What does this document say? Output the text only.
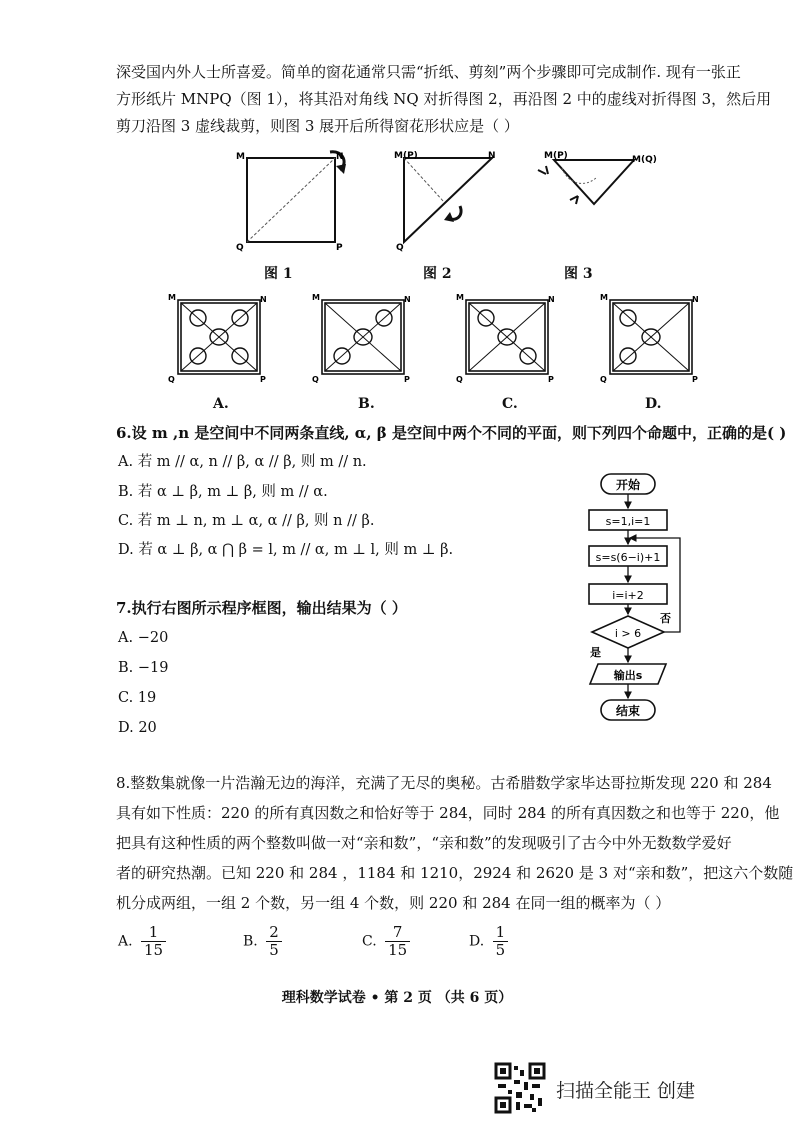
深受国内外人士所喜爱。简单的窗花通常只需“折纸、剪刻”两个步骤即可完成制作. 现有一张正
方形纸片 MNPQ（图 1），将其沿对角线 NQ 对折得图 2，再沿图 2 中的虚线对折得图 3，然后用
剪刀沿图 3 虚线裁剪，则图 3 展开后所得窗花形状应是（ ）
M	N
Q	P
图 1
M(P)	N
Q
图 2
M(P)	M(Q)
图 3
M	N
Q	P
A.
M	N
Q	P
B.
M	N
Q	P
C.
M	N
Q	P
D.
6.设 m ,n 是空间中不同两条直线, α, β 是空间中两个不同的平面，则下列四个命题中，正确的是( )
A. 若 m // α, n // β, α // β, 则 m // n.
B. 若 α ⊥ β, m ⊥ β, 则 m // α.
C. 若 m ⊥ n, m ⊥ α, α // β, 则 n // β.
D. 若 α ⊥ β, α ⋂ β = l, m // α, m ⊥ l, 则 m ⊥ β.
开始
s=1,i=1
s=s(6−i)+1
i=i+2
i > 6
否
是
输出s
结束
7.执行右图所示程序框图，输出结果为（ ）
A. −20
B. −19
C. 19
D. 20
8.整数集就像一片浩瀚无边的海洋，充满了无尽的奥秘。古希腊数学家毕达哥拉斯发现 220 和 284
具有如下性质：220 的所有真因数之和恰好等于 284，同时 284 的所有真因数之和也等于 220，他
把具有这种性质的两个整数叫做一对“亲和数”，“亲和数”的发现吸引了古今中外无数数学爱好
者的研究热潮。已知 220 和 284 ，1184 和 1210，2924 和 2620 是 3 对“亲和数”，把这六个数随
机分成两组，一组 2 个数，另一组 4 个数，则 220 和 284 在同一组的概率为（ ）
A. $\frac{1}{15}$	B. $\frac{2}{5}$	C. $\frac{7}{15}$	D. $\frac{1}{5}$
理科数学试卷 • 第 2 页 （共 6 页）
扫描全能王 创建
